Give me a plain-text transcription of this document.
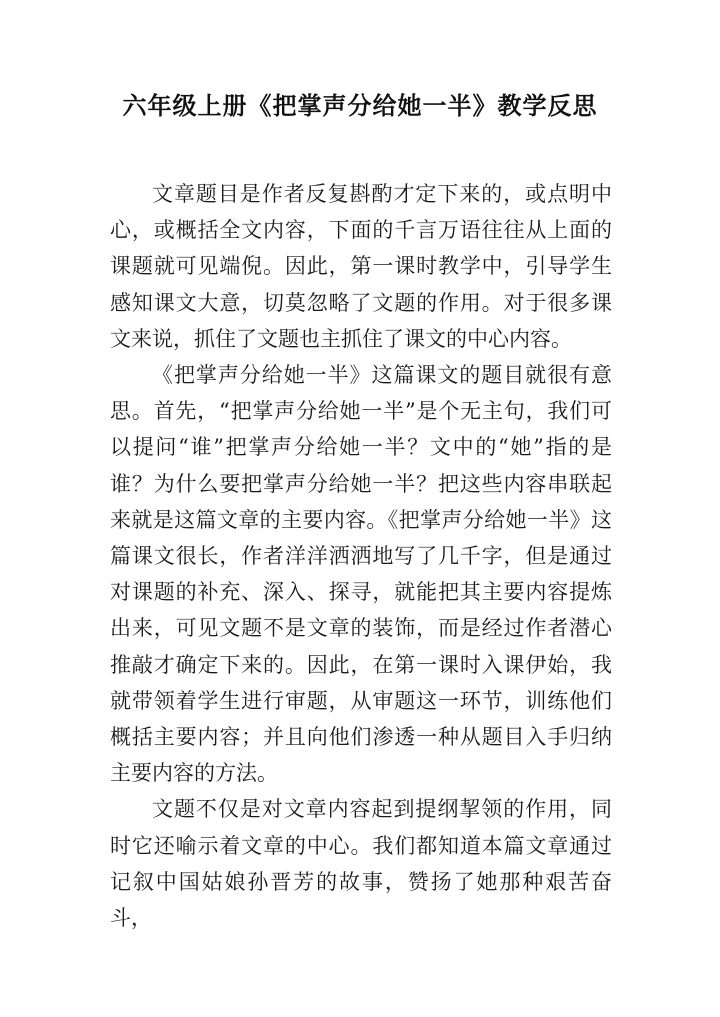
六年级上册《把掌声分给她一半》教学反思

文章题目是作者反复斟酌才定下来的，或点明中心，或概括全文内容，下面的千言万语往往从上面的课题就可见端倪。因此，第一课时教学中，引导学生感知课文大意，切莫忽略了文题的作用。对于很多课文来说，抓住了文题也主抓住了课文的中心内容。

《把掌声分给她一半》这篇课文的题目就很有意思。首先，“把掌声分给她一半”是个无主句，我们可以提问“谁”把掌声分给她一半？文中的“她”指的是谁？为什么要把掌声分给她一半？把这些内容串联起来就是这篇文章的主要内容。《把掌声分给她一半》这篇课文很长，作者洋洋洒洒地写了几千字，但是通过对课题的补充、深入、探寻，就能把其主要内容提炼出来，可见文题不是文章的装饰，而是经过作者潜心推敲才确定下来的。因此，在第一课时入课伊始，我就带领着学生进行审题，从审题这一环节，训练他们概括主要内容；并且向他们渗透一种从题目入手归纳主要内容的方法。

文题不仅是对文章内容起到提纲挈领的作用，同时它还喻示着文章的中心。我们都知道本篇文章通过记叙中国姑娘孙晋芳的故事，赞扬了她那种艰苦奋斗，
